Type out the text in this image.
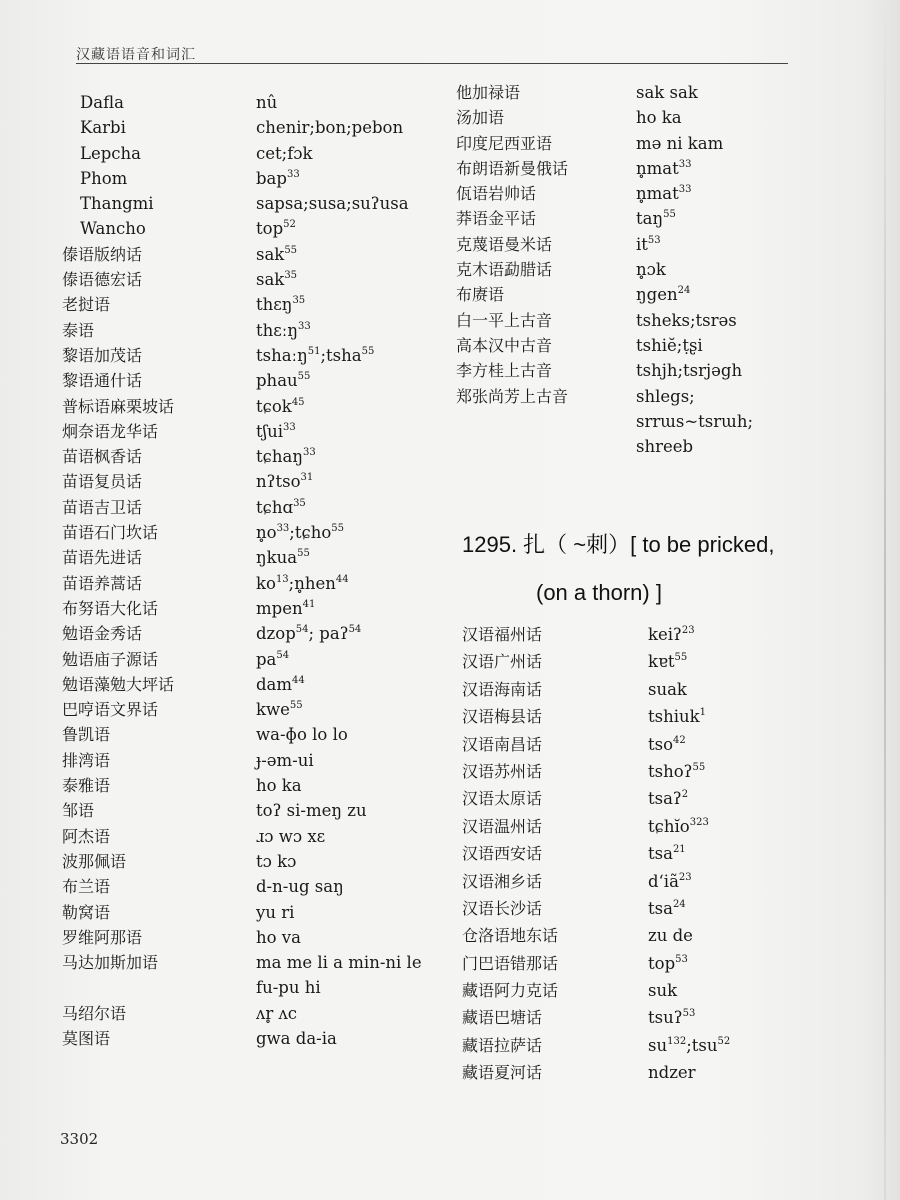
汉藏语语音和词汇
Dafla	nû
Karbi	chenir;bon;pebon
Lepcha	cet;fɔk
Phom	bap$^{33}$
Thangmi	sapsa;susa;suʔusa
Wancho	top$^{52}$
傣语版纳话	sak$^{55}$
傣语德宏话	sak$^{35}$
老挝语	thɛŋ$^{35}$
泰语	thɛːŋ$^{33}$
黎语加茂话	tshaːŋ$^{51}$;tsha$^{55}$
黎语通什话	phau$^{55}$
普标语麻栗坡话	tɕok$^{45}$
炯奈语龙华话	tʃui$^{33}$
苗语枫香话	tɕhaŋ$^{33}$
苗语复员话	nʔtso$^{31}$
苗语吉卫话	tɕhɑ$^{35}$
苗语石门坎话	$n̥o^{33};tɕho^{55}$
苗语先进话	ŋkua$^{55}$
苗语养蒿话	$ko^{13};n̥hen^{44}$
布努语大化话	mpen$^{41}$
勉语金秀话	dzop$^{54}$; paʔ$^{54}$
勉语庙子源话	$pa^{54}$
勉语藻勉大坪话	dam$^{44}$
巴哼语文界话	kwe$^{55}$
鲁凯语	wa-ɸo lo lo
排湾语	ɟ-əm-ui
泰雅语	ho ka
邹语	toʔ si-meŋ zu
阿杰语	ɹɔ wɔ xɛ
波那佩语	tɔ kɔ
布兰语	d-n-ug saŋ
勒窝语	yu ri
罗维阿那语	ho va
马达加斯加语	ma me li a min-ni le
fu-pu hi
马绍尔语	ʌr̥ ʌc
莫图语	gwa da-ia
他加禄语	sak sak
汤加语	ho ka
印度尼西亚语	mə ni kam
布朗语新曼俄话	n̥mat$^{33}$
佤语岩帅话	n̥mat$^{33}$
莽语金平话	taŋ$^{55}$
克蔑语曼米话	$it^{53}$
克木语勐腊话	n̥ɔk
布赓语	ŋgen$^{24}$
白一平上古音	tsheks;tsrəs
高本汉中古音	tshiĕ;ṭʂi
李方桂上古音	tshjh;tsrjəgh
郑张尚芳上古音	shlegs;
srrɯs~tsrɯh;
shreeb
1295. 扎（ ~刺）[ to be pricked,
(on a thorn) ]
汉语福州话	keiʔ$^{23}$
汉语广州话	kɐt$^{55}$
汉语海南话	suak
汉语梅县话	tshiuk$^1$
汉语南昌话	tso$^{42}$
汉语苏州话	tshoʔ$^{55}$
汉语太原话	tsaʔ$^2$
汉语温州话	tɕhĭo$^{323}$
汉语西安话	tsa$^{21}$
汉语湘乡话	dʻiã$^{23}$
汉语长沙话	tsa$^{24}$
仓洛语地东话	zu de
门巴语错那话	top$^{53}$
藏语阿力克话	suk
藏语巴塘话	tsuʔ$^{53}$
藏语拉萨话	$su^{132};tsu^{52}$
藏语夏河话	ndzer
3302
